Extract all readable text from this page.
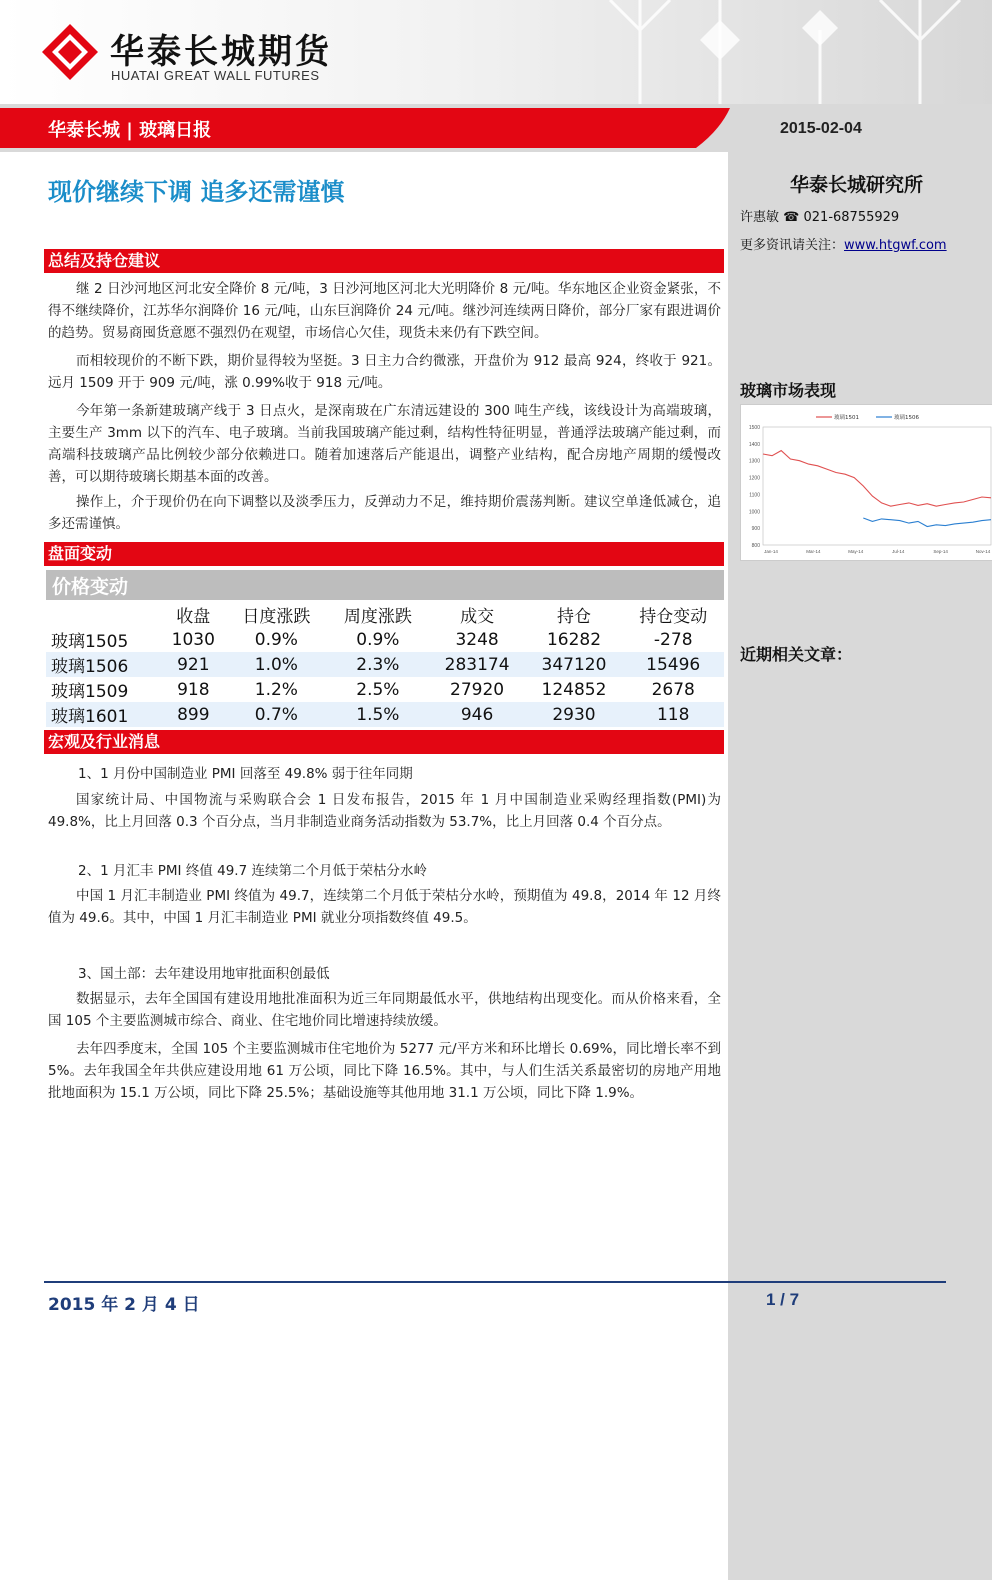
华泰长城期货
HUATAI GREAT WALL FUTURES
华泰长城 | 玻璃日报	2015-02-04
华泰长城研究所
许惠敏 ☎ 021-68755929
更多资讯请关注：www.htgwf.com
玻璃市场表现
玻璃1501	玻璃1506
1500
1400
1300
1200
1100
1000
900
800
Jan-14	Mar-14	May-14	Jul-14	Sep-14	Nov-14
近期相关文章：
现价继续下调 追多还需谨慎
总结及持仓建议
继 2 日沙河地区河北安全降价 8 元/吨，3 日沙河地区河北大光明降价 8 元/吨。华东地区企业资金紧张，不得不继续降价，江苏华尔润降价 16 元/吨，山东巨润降价 24 元/吨。继沙河连续两日降价，部分厂家有跟进调价的趋势。贸易商囤货意愿不强烈仍在观望，市场信心欠佳，现货未来仍有下跌空间。
而相较现价的不断下跌，期价显得较为坚挺。3 日主力合约微涨，开盘价为 912 最高 924，终收于 921。远月 1509 开于 909 元/吨，涨 0.99%收于 918 元/吨。
今年第一条新建玻璃产线于 3 日点火，是深南玻在广东清远建设的 300 吨生产线，该线设计为高端玻璃，主要生产 3mm 以下的汽车、电子玻璃。当前我国玻璃产能过剩，结构性特征明显，普通浮法玻璃产能过剩，而高端科技玻璃产品比例较少部分依赖进口。随着加速落后产能退出，调整产业结构，配合房地产周期的缓慢改善，可以期待玻璃长期基本面的改善。
操作上，介于现价仍在向下调整以及淡季压力，反弹动力不足，维持期价震荡判断。建议空单逢低减仓，追多还需谨慎。
盘面变动
价格变动
	收盘	日度涨跌	周度涨跌	成交	持仓	持仓变动
玻璃1505	1030	0.9%	0.9%	3248	16282	-278
玻璃1506	921	1.0%	2.3%	283174	347120	15496
玻璃1509	918	1.2%	2.5%	27920	124852	2678
玻璃1601	899	0.7%	1.5%	946	2930	118
宏观及行业消息
1、1 月份中国制造业 PMI 回落至 49.8% 弱于往年同期
国家统计局、中国物流与采购联合会 1 日发布报告，2015 年 1 月中国制造业采购经理指数(PMI)为 49.8%，比上月回落 0.3 个百分点，当月非制造业商务活动指数为 53.7%，比上月回落 0.4 个百分点。
2、1 月汇丰 PMI 终值 49.7 连续第二个月低于荣枯分水岭
中国 1 月汇丰制造业 PMI 终值为 49.7，连续第二个月低于荣枯分水岭，预期值为 49.8，2014 年 12 月终值为 49.6。其中，中国 1 月汇丰制造业 PMI 就业分项指数终值 49.5。
3、国土部：去年建设用地审批面积创最低
数据显示，去年全国国有建设用地批准面积为近三年同期最低水平，供地结构出现变化。而从价格来看，全国 105 个主要监测城市综合、商业、住宅地价同比增速持续放缓。
去年四季度末，全国 105 个主要监测城市住宅地价为 5277 元/平方米和环比增长 0.69%，同比增长率不到 5%。去年我国全年共供应建设用地 61 万公顷，同比下降 16.5%。其中，与人们生活关系最密切的房地产用地批地面积为 15.1 万公顷，同比下降 25.5%；基础设施等其他用地 31.1 万公顷，同比下降 1.9%。
2015 年 2 月 4 日	1 / 7
